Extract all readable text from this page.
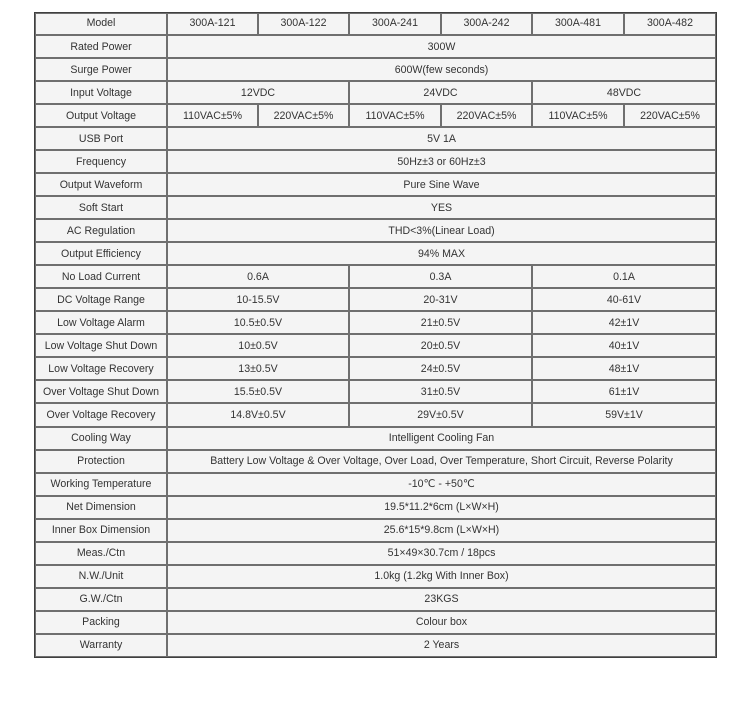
Model	300A-121	300A-122	300A-241	300A-242	300A-481	300A-482
Rated Power	300W					
Surge Power	600W(few seconds)					
Input Voltage	12VDC		24VDC		48VDC	
Output Voltage	110VAC±5%	220VAC±5%	110VAC±5%	220VAC±5%	110VAC±5%	220VAC±5%
USB Port	5V 1A					
Frequency	50Hz±3 or 60Hz±3					
Output Waveform	Pure Sine Wave					
Soft Start	YES					
AC Regulation	THD<3%(Linear Load)					
Output Efficiency	94% MAX					
No Load Current	0.6A		0.3A		0.1A	
DC Voltage Range	10-15.5V		20-31V		40-61V	
Low Voltage Alarm	10.5±0.5V		21±0.5V		42±1V	
Low Voltage Shut Down	10±0.5V		20±0.5V		40±1V	
Low Voltage Recovery	13±0.5V		24±0.5V		48±1V	
Over Voltage Shut Down	15.5±0.5V		31±0.5V		61±1V	
Over Voltage Recovery	14.8V±0.5V		29V±0.5V		59V±1V	
Cooling Way	Intelligent Cooling Fan					
Protection	Battery Low Voltage & Over Voltage, Over Load, Over Temperature, Short Circuit, Reverse Polarity					
Working Temperature	-10℃ - +50℃					
Net Dimension	19.5*11.2*6cm (L×W×H)					
Inner Box Dimension	25.6*15*9.8cm (L×W×H)					
Meas./Ctn	51×49×30.7cm / 18pcs					
N.W./Unit	1.0kg (1.2kg With Inner Box)					
G.W./Ctn	23KGS					
Packing	Colour box					
Warranty	2 Years					
